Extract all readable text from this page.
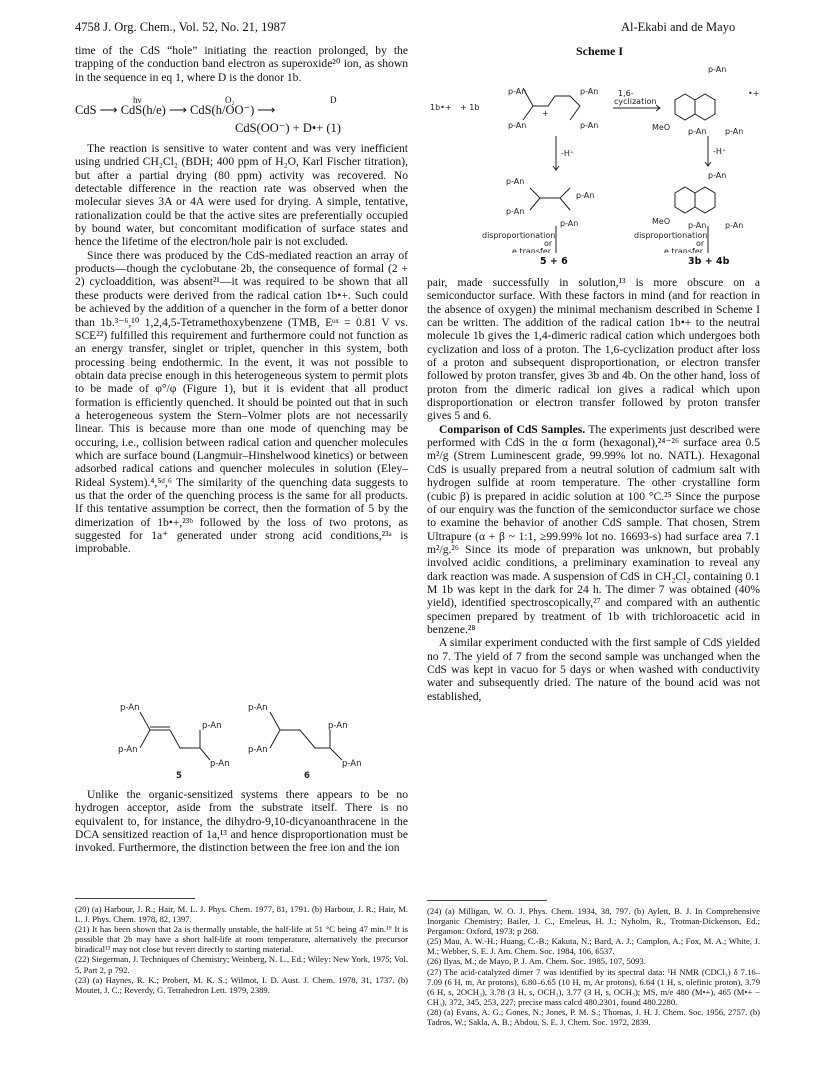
4758 J. Org. Chem., Vol. 52, No. 21, 1987	Al-Ekabi and de Mayo

time of the CdS “hole” initiating the reaction prolonged, by the trapping of the conduction band electron as superoxide²⁰ ion, as shown in the sequence in eq 1, where D is the donor 1b.

hν	O₂	D
CdS ⟶ CdS(h/e) ⟶ CdS(h/OO⁻) ⟶
CdS(OO⁻) + D•+ (1)

The reaction is sensitive to water content and was very inefficient using undried CH₂Cl₂ (BDH; 400 ppm of H₂O, Karl Fischer titration), but after a partial drying (80 ppm) activity was recovered. No detectable difference in the reaction rate was observed when the molecular sieves 3A or 4A were used for drying. A simple, tentative, rationalization could be that the active sites are preferentially occupied by bound water, but concomitant modification of surface states and hence the lifetime of the electron/hole pair is not excluded.

Since there was produced by the CdS-mediated reaction an array of products—though the cyclobutane 2b, the consequence of formal (2 + 2) cycloaddition, was absent²¹—it was required to be shown that all these products were derived from the radical cation 1b•+. Such could be achieved by the addition of a quencher in the form of a better donor than 1b.³⁻⁶,¹⁰ 1,2,4,5-Tetramethoxybenzene (TMB, Eᵒˣ = 0.81 V vs. SCE²²) fulfilled this requirement and furthermore could not function as an energy transfer, singlet or triplet, quencher in this system, both processing being endothermic. In the event, it was not possible to obtain data precise enough in this heterogeneous system to permit plots to be made of φ°/φ (Figure 1), but it is evident that all product formation is efficiently quenched. It should be pointed out that in such a heterogeneous system the Stern–Volmer plots are not necessarily linear. This is because more than one mode of quenching may be occuring, i.e., collision between radical cation and quencher molecules which are surface bound (Langmuir–Hinshelwood kinetics) or between adsorbed radical cations and quencher molecules in solution (Eley–Rideal System).⁴,⁵ᵈ,⁶ The similarity of the quenching data suggests to us that the order of the quenching process is the same for all products. If this tentative assumption be correct, then the formation of 5 by the dimerization of 1b•+,²³ᵇ followed by the loss of two protons, as suggested for 1a⁺ generated under strong acid conditions,²³ᵃ is improbable.

p-An
p-An
p-An
p-An
p-An
p-An
p-An
p-An
5	6

Unlike the organic-sensitized systems there appears to be no hydrogen acceptor, aside from the substrate itself. There is no equivalent to, for instance, the dihydro-9,10-dicyanoanthracene in the DCA sensitized reaction of 1a,¹³ and hence disproportionation must be invoked. Furthermore, the distinction between the free ion and the ion

(20) (a) Harbour, J. R.; Hair, M. L. J. Phys. Chem. 1977, 81, 1791. (b) Harbour, J. R.; Hair, M. L. J. Phys. Chem. 1978, 82, 1397.
(21) It has been shown that 2a is thermally unstable, the half-life at 51 °C being 47 min.¹⁹ It is possible that 2b may have a short half-life at room temperature, alternatively the precursor biradical¹³ may not close but revert directly to starting material.
(22) Siegerman, J. Techniques of Chemistry; Weinberg, N. L., Ed.; Wiley: New York, 1975; Vol. 5, Part 2, p 792.
(23) (a) Haynes, R. K.; Probert, M. K. S.; Wilmot, I. D. Aust. J. Chem. 1978, 31, 1737. (b) Moutet, J. C.; Reverdy, G. Tetrahedron Lett. 1979, 2389.
Scheme I
1b•+ + 1b
p-An
p-An
p-An
p-An
+
1,6-
cyclization
p-An
•+
MeO p-An p-An
-H⁺	-H⁺
p-An
p-An
p-An
p-An
p-An
MeO p-An p-An
disproportionation
or
e transfer
disproportionation
or
e transfer
5 + 6	3b + 4b

pair, made successfully in solution,¹³ is more obscure on a semiconductor surface. With these factors in mind (and for reaction in the absence of oxygen) the minimal mechanism described in Scheme I can be written. The addition of the radical cation 1b•+ to the neutral molecule 1b gives the 1,4-dimeric radical cation which undergoes both cyclization and loss of a proton. The 1,6-cyclization product after loss of a proton and subsequent disproportionation, or electron transfer followed by proton transfer, gives 3b and 4b. On the other hand, loss of proton from the dimeric radical ion gives a radical which upon disproportionation or electron transfer followed by proton transfer gives 5 and 6.

Comparison of CdS Samples. The experiments just described were performed with CdS in the α form (hexagonal),²⁴⁻²⁶ surface area 0.5 m²/g (Strem Luminescent grade, 99.99% lot no. NATL). Hexagonal CdS is usually prepared from a neutral solution of cadmium salt with hydrogen sulfide at room temperature. The other crystalline form (cubic β) is prepared in acidic solution at 100 °C.²⁵ Since the purpose of our enquiry was the function of the semiconductor surface we chose to examine the behavior of another CdS sample. That chosen, Strem Ultrapure (α + β ~ 1:1, ≥99.99% lot no. 16693-s) had surface area 7.1 m²/g.²⁶ Since its mode of preparation was unknown, but probably involved acidic conditions, a preliminary examination to reveal any dark reaction was made. A suspension of CdS in CH₂Cl₂ containing 0.1 M 1b was kept in the dark for 24 h. The dimer 7 was obtained (40% yield), identified spectroscopically,²⁷ and compared with an authentic specimen prepared by treatment of 1b with trichloroacetic acid in benzene.²⁸

A similar experiment conducted with the first sample of CdS yielded no 7. The yield of 7 from the second sample was unchanged when the CdS was kept in vacuo for 5 days or when washed with conductivity water and subsequently dried. The nature of the bound acid was not established,

(24) (a) Milligan, W. O. J. Phys. Chem. 1934, 38, 797. (b) Aylett, B. J. In Comprehensive Inorganic Chemistry; Bailer, J. C., Emeleus, H. J.; Nyholm, R., Trotman-Dickenson, Ed.; Pergamon: Oxford, 1973; p 268.
(25) Mau, A. W.-H.; Huang, C.-B.; Kakuta, N.; Bard, A. J.; Camplon, A.; Fox, M. A.; White, J. M.; Webber, S. E. J. Am. Chem. Soc. 1984, 106, 6537.
(26) Ilyas, M.; de Mayo, P. J. Am. Chem. Soc. 1985, 107, 5093.
(27) The acid-catalyzed dimer 7 was identified by its spectral data: ¹H NMR (CDCl₃) δ 7.16–7.09 (6 H, m, Ar protons), 6.80–6.65 (10 H, m, Ar protons), 6.64 (1 H, s, olefinic proton), 3.79 (6 H, s, 2OCH₃), 3.78 (3 H, s, OCH₃), 3.77 (3 H, s, OCH₃); MS, m/e 480 (M•+), 465 (M•+ − CH₃), 372, 345, 253, 227; precise mass calcd 480.2301, found 480.2280.
(28) (a) Evans, A. G.; Gones, N.; Jones, P. M. S.; Thomas, J. H. J. Chem. Soc. 1956, 2757. (b) Tadros, W.; Sakla, A. B.; Abdou, S. E. J. Chem. Soc. 1972, 2839.
